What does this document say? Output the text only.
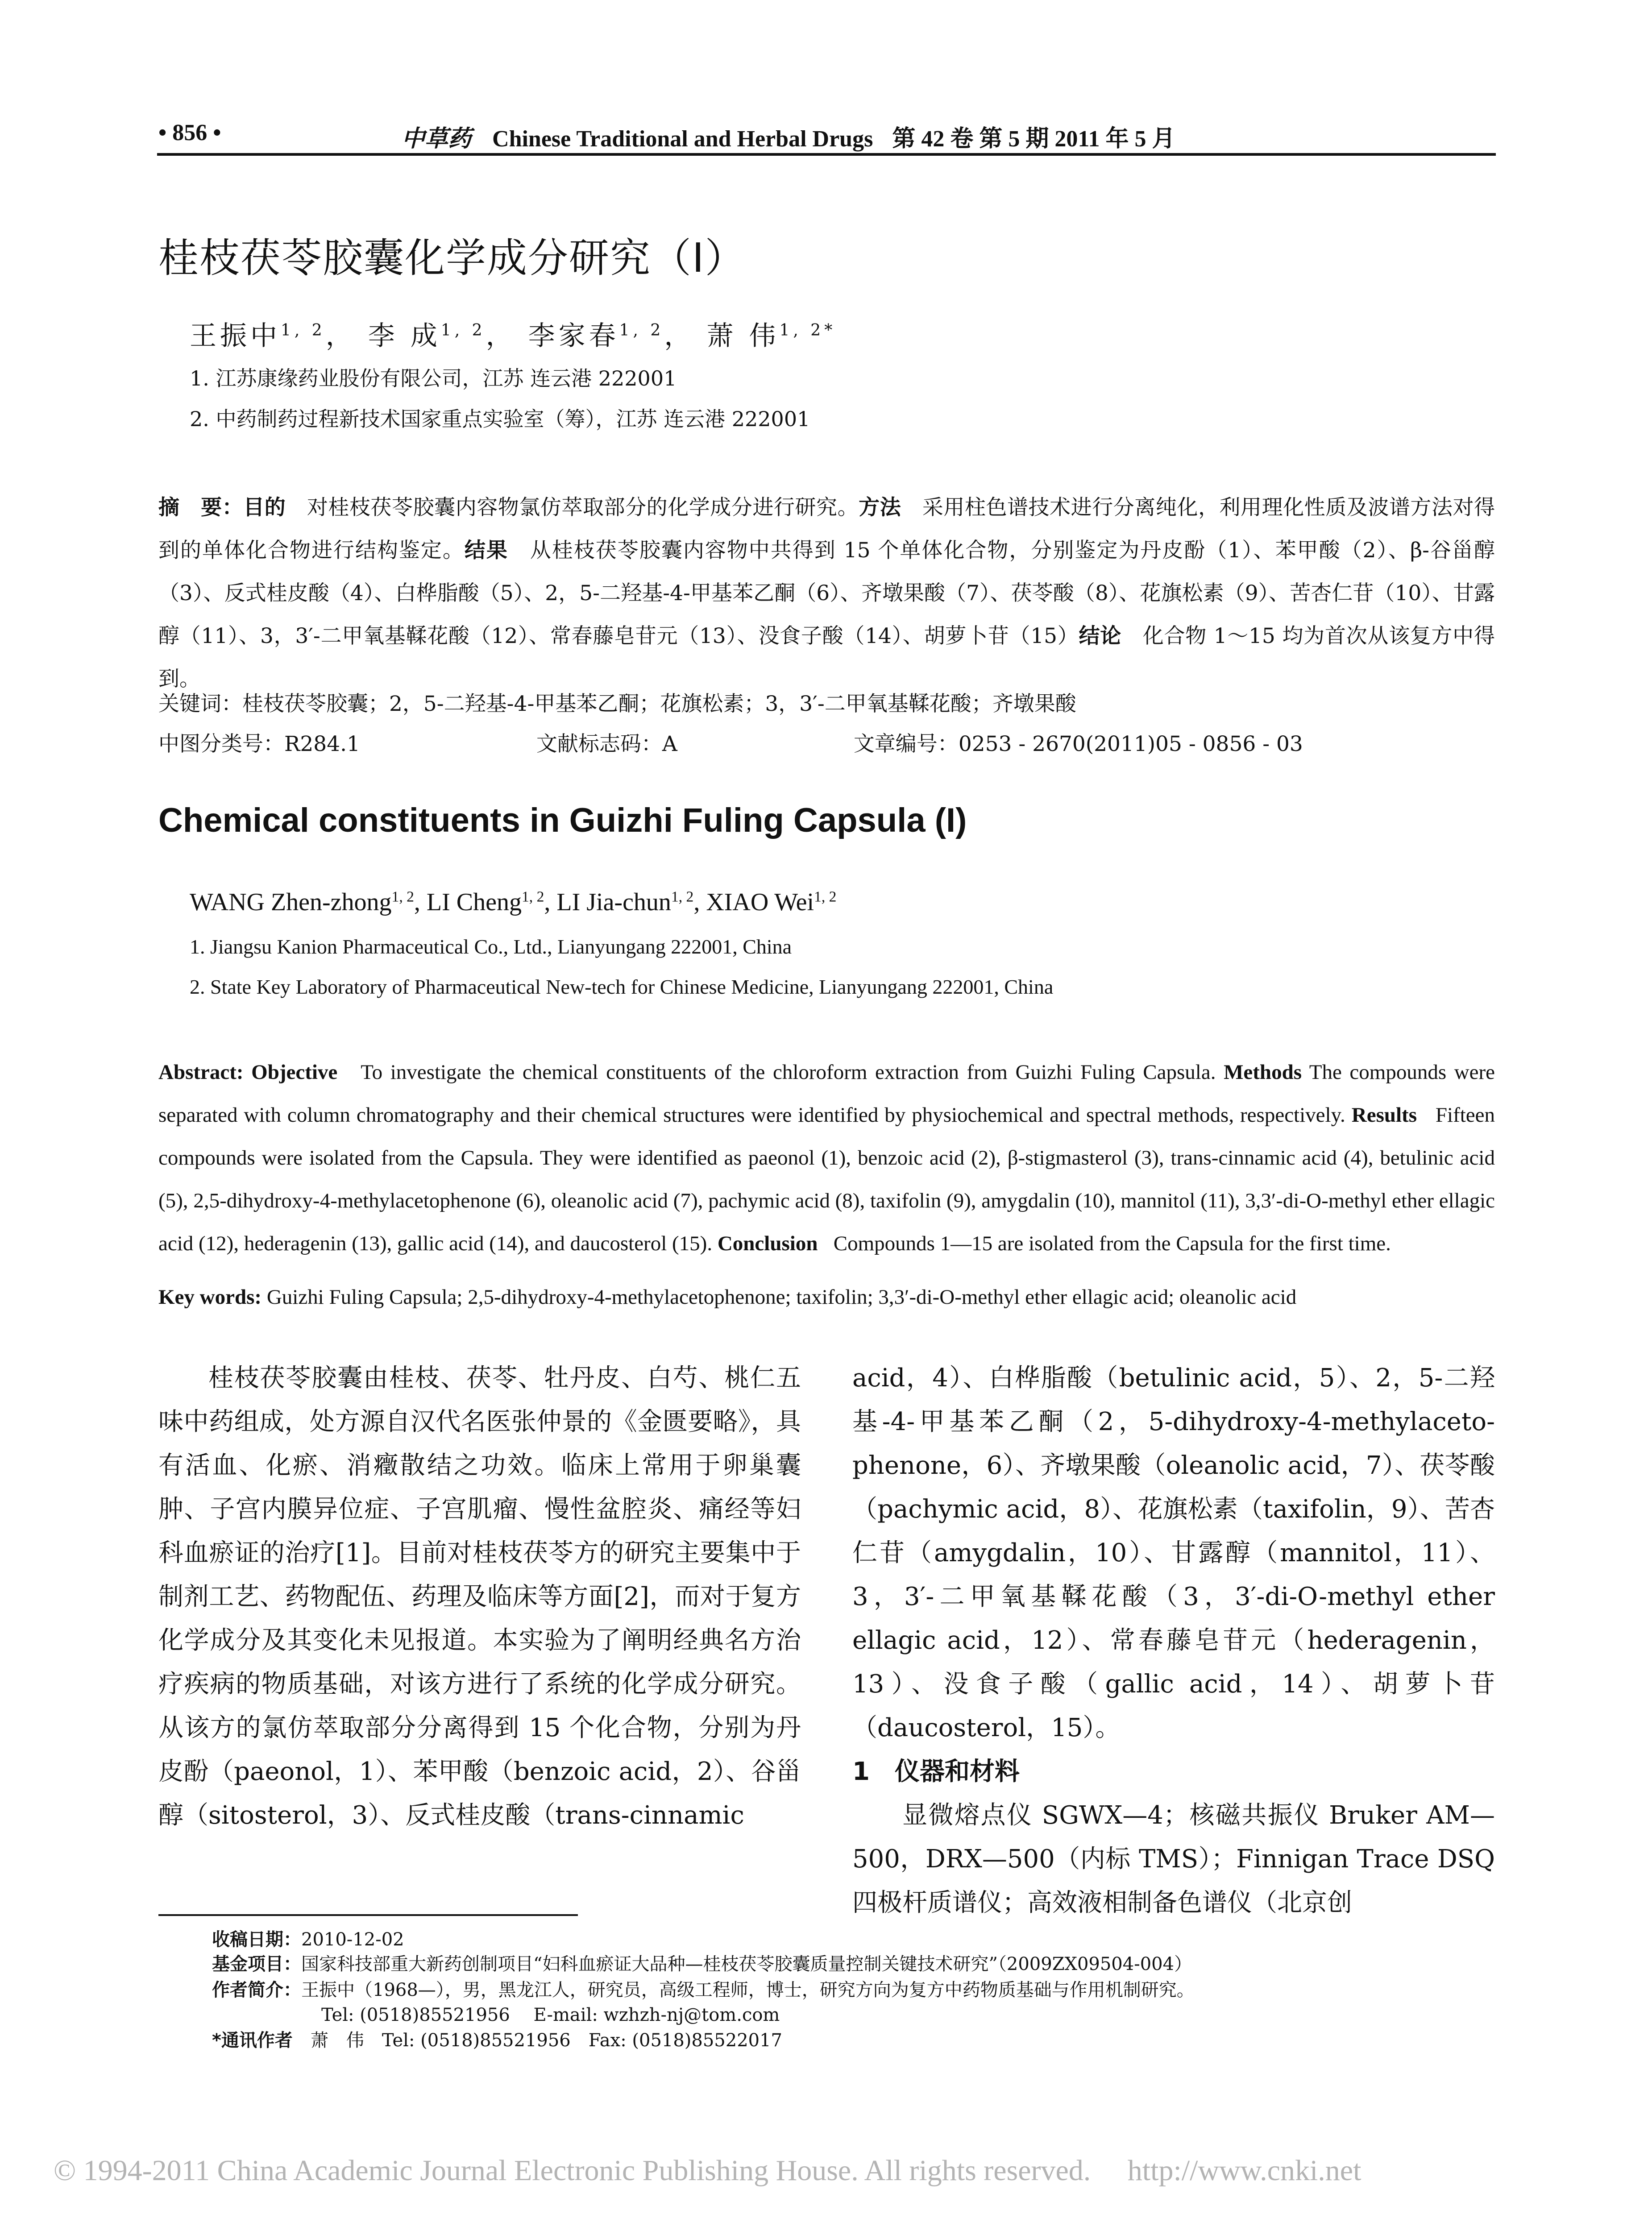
• 856 •	中草药 Chinese Traditional and Herbal Drugs 第 42 卷 第 5 期 2011 年 5 月
桂枝茯苓胶囊化学成分研究（I）
王振中$^{1, 2}$， 李 成$^{1, 2}$， 李家春$^{1, 2}$， 萧 伟$^{1, 2*}$
1. 江苏康缘药业股份有限公司，江苏 连云港 222001
2. 中药制药过程新技术国家重点实验室（筹），江苏 连云港 222001
摘　要：目的　 对桂枝茯苓胶囊内容物氯仿萃取部分的化学成分进行研究。方法　 采用柱色谱技术进行分离纯化，利用理化性质及波谱方法对得到的单体化合物进行结构鉴定。结果　 从桂枝茯苓胶囊内容物中共得到 15 个单体化合物，分别鉴定为丹皮酚（1）、苯甲酸（2）、β-谷甾醇（3）、反式桂皮酸（4）、白桦脂酸（5）、2，5-二羟基-4-甲基苯乙酮（6）、齐墩果酸（7）、茯苓酸（8）、花旗松素（9）、苦杏仁苷（10）、甘露醇（11）、3，3′-二甲氧基鞣花酸（12）、常春藤皂苷元（13）、没食子酸（14）、胡萝卜苷（15）结论　 化合物 1～15 均为首次从该复方中得到。
关键词：桂枝茯苓胶囊；2，5-二羟基-4-甲基苯乙酮；花旗松素；3，3′-二甲氧基鞣花酸；齐墩果酸
中图分类号：R284.1	文献标志码：A	文章编号：0253 - 2670(2011)05 - 0856 - 03
Chemical constituents in Guizhi Fuling Capsula (I)
WANG Zhen-zhong$^{1, 2}$, LI Cheng$^{1, 2}$, LI Jia-chun$^{1, 2}$, XIAO Wei$^{1, 2}$
1. Jiangsu Kanion Pharmaceutical Co., Ltd., Lianyungang 222001, China
2. State Key Laboratory of Pharmaceutical New-tech for Chinese Medicine, Lianyungang 222001, China
Abstract: Objective To investigate the chemical constituents of the chloroform extraction from Guizhi Fuling Capsula. Methods The compounds were separated with column chromatography and their chemical structures were identified by physiochemical and spectral methods, respectively. Results Fifteen compounds were isolated from the Capsula. They were identified as paeonol (1), benzoic acid (2), β-stigmasterol (3), trans-cinnamic acid (4), betulinic acid (5), 2,5-dihydroxy-4-methylacetophenone (6), oleanolic acid (7), pachymic acid (8), taxifolin (9), amygdalin (10), mannitol (11), 3,3′-di-O-methyl ether ellagic acid (12), hederagenin (13), gallic acid (14), and daucosterol (15). Conclusion Compounds 1—15 are isolated from the Capsula for the first time.
Key words: Guizhi Fuling Capsula; 2,5-dihydroxy-4-methylacetophenone; taxifolin; 3,3′-di-O-methyl ether ellagic acid; oleanolic acid

桂枝茯苓胶囊由桂枝、茯苓、牡丹皮、白芍、桃仁五味中药组成，处方源自汉代名医张仲景的《金匮要略》，具有活血、化瘀、消癥散结之功效。临床上常用于卵巢囊肿、子宫内膜异位症、子宫肌瘤、慢性盆腔炎、痛经等妇科血瘀证的治疗[1]。目前对桂枝茯苓方的研究主要集中于制剂工艺、药物配伍、药理及临床等方面[2]，而对于复方化学成分及其变化未见报道。本实验为了阐明经典名方治疗疾病的物质基础，对该方进行了系统的化学成分研究。从该方的氯仿萃取部分分离得到 15 个化合物，分别为丹皮酚（paeonol，1）、苯甲酸（benzoic acid，2）、谷甾醇（sitosterol，3）、反式桂皮酸（trans-cinnamic

acid，4）、白桦脂酸（betulinic acid，5）、2，5-二羟基-4-甲基苯乙酮（2，5-dihydroxy-4-methylaceto-phenone，6）、齐墩果酸（oleanolic acid，7）、茯苓酸（pachymic acid，8）、花旗松素（taxifolin，9）、苦杏仁苷（amygdalin，10）、甘露醇（mannitol，11）、3，3′-二甲氧基鞣花酸（3，3′-di-O-methyl ether ellagic acid，12）、常春藤皂苷元（hederagenin，13）、没食子酸（gallic acid，14）、胡萝卜苷（daucosterol，15）。

1　仪器和材料

显微熔点仪 SGWX—4；核磁共振仪 Bruker AM—500，DRX—500（内标 TMS）；Finnigan Trace DSQ 四极杆质谱仪；高效液相制备色谱仪（北京创

收稿日期：2010-12-02
基金项目：国家科技部重大新药创制项目“妇科血瘀证大品种—桂枝茯苓胶囊质量控制关键技术研究”（2009ZX09504-004）
作者简介：王振中（1968—），男，黑龙江人，研究员，高级工程师，博士，研究方向为复方中药物质基础与作用机制研究。
Tel: (0518)85521956　 E-mail: wzhzh-nj@tom.com
*通讯作者　 萧　伟　Tel: (0518)85521956　Fax: (0518)85522017
© 1994-2011 China Academic Journal Electronic Publishing House. All rights reserved.　 http://www.cnki.net
